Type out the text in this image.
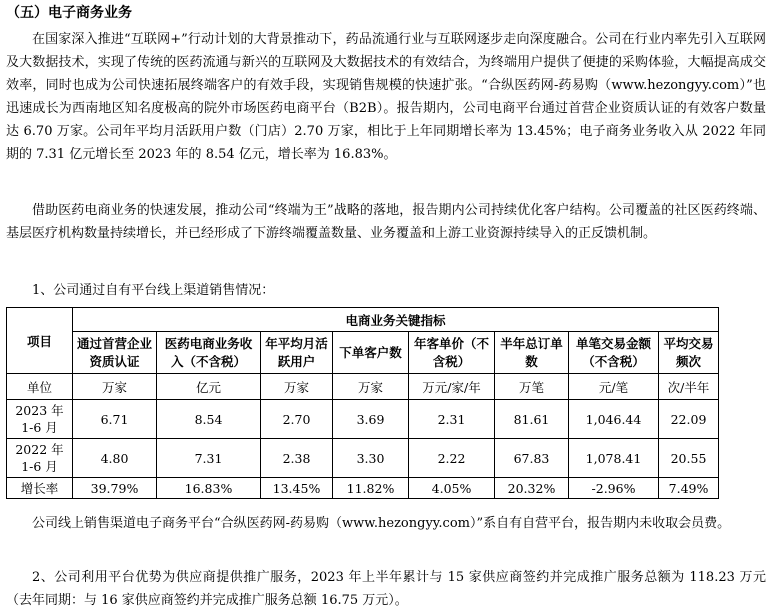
（五）电子商务业务

在国家深入推进“互联网+”行动计划的大背景推动下，药品流通行业与互联网逐步走向深度融合。公司在行业内率先引入互联网及大数据技术，实现了传统的医药流通与新兴的互联网及大数据技术的有效结合，为终端用户提供了便捷的采购体验，大幅提高成交效率，同时也成为公司快速拓展终端客户的有效手段，实现销售规模的快速扩张。“合纵医药网-药易购（www.hezongyy.com）”也迅速成长为西南地区知名度极高的院外市场医药电商平台（B2B）。报告期内，公司电商平台通过首营企业资质认证的有效客户数量达 6.70 万家。公司年平均月活跃用户数（门店）2.70 万家，相比于上年同期增长率为 13.45%；电子商务业务收入从 2022 年同期的 7.31 亿元增长至 2023 年的 8.54 亿元，增长率为 16.83%。

借助医药电商业务的快速发展，推动公司“终端为王”战略的落地，报告期内公司持续优化客户结构。公司覆盖的社区医药终端、基层医疗机构数量持续增长，并已经形成了下游终端覆盖数量、业务覆盖和上游工业资源持续导入的正反馈机制。

1、公司通过自有平台线上渠道销售情况：

项目	电商业务关键指标							
	通过首营企业资质认证	医药电商业务收入（不含税）	年平均月活跃用户	下单客户数	年客单价（不含税）	半年总订单数	单笔交易金额（不含税）	平均交易频次
单位	万家	亿元	万家	万家	万元/家/年	万笔	元/笔	次/半年
2023 年 1-6 月	6.71	8.54	2.70	3.69	2.31	81.61	1,046.44	22.09
2022 年 1-6 月	4.80	7.31	2.38	3.30	2.22	67.83	1,078.41	20.55
增长率	39.79%	16.83%	13.45%	11.82%	4.05%	20.32%	-2.96%	7.49%

公司线上销售渠道电子商务平台“合纵医药网-药易购（www.hezongyy.com）”系自有自营平台，报告期内未收取会员费。

2、公司利用平台优势为供应商提供推广服务，2023 年上半年累计与 15 家供应商签约并完成推广服务总额为 118.23 万元（去年同期：与 16 家供应商签约并完成推广服务总额 16.75 万元）。
